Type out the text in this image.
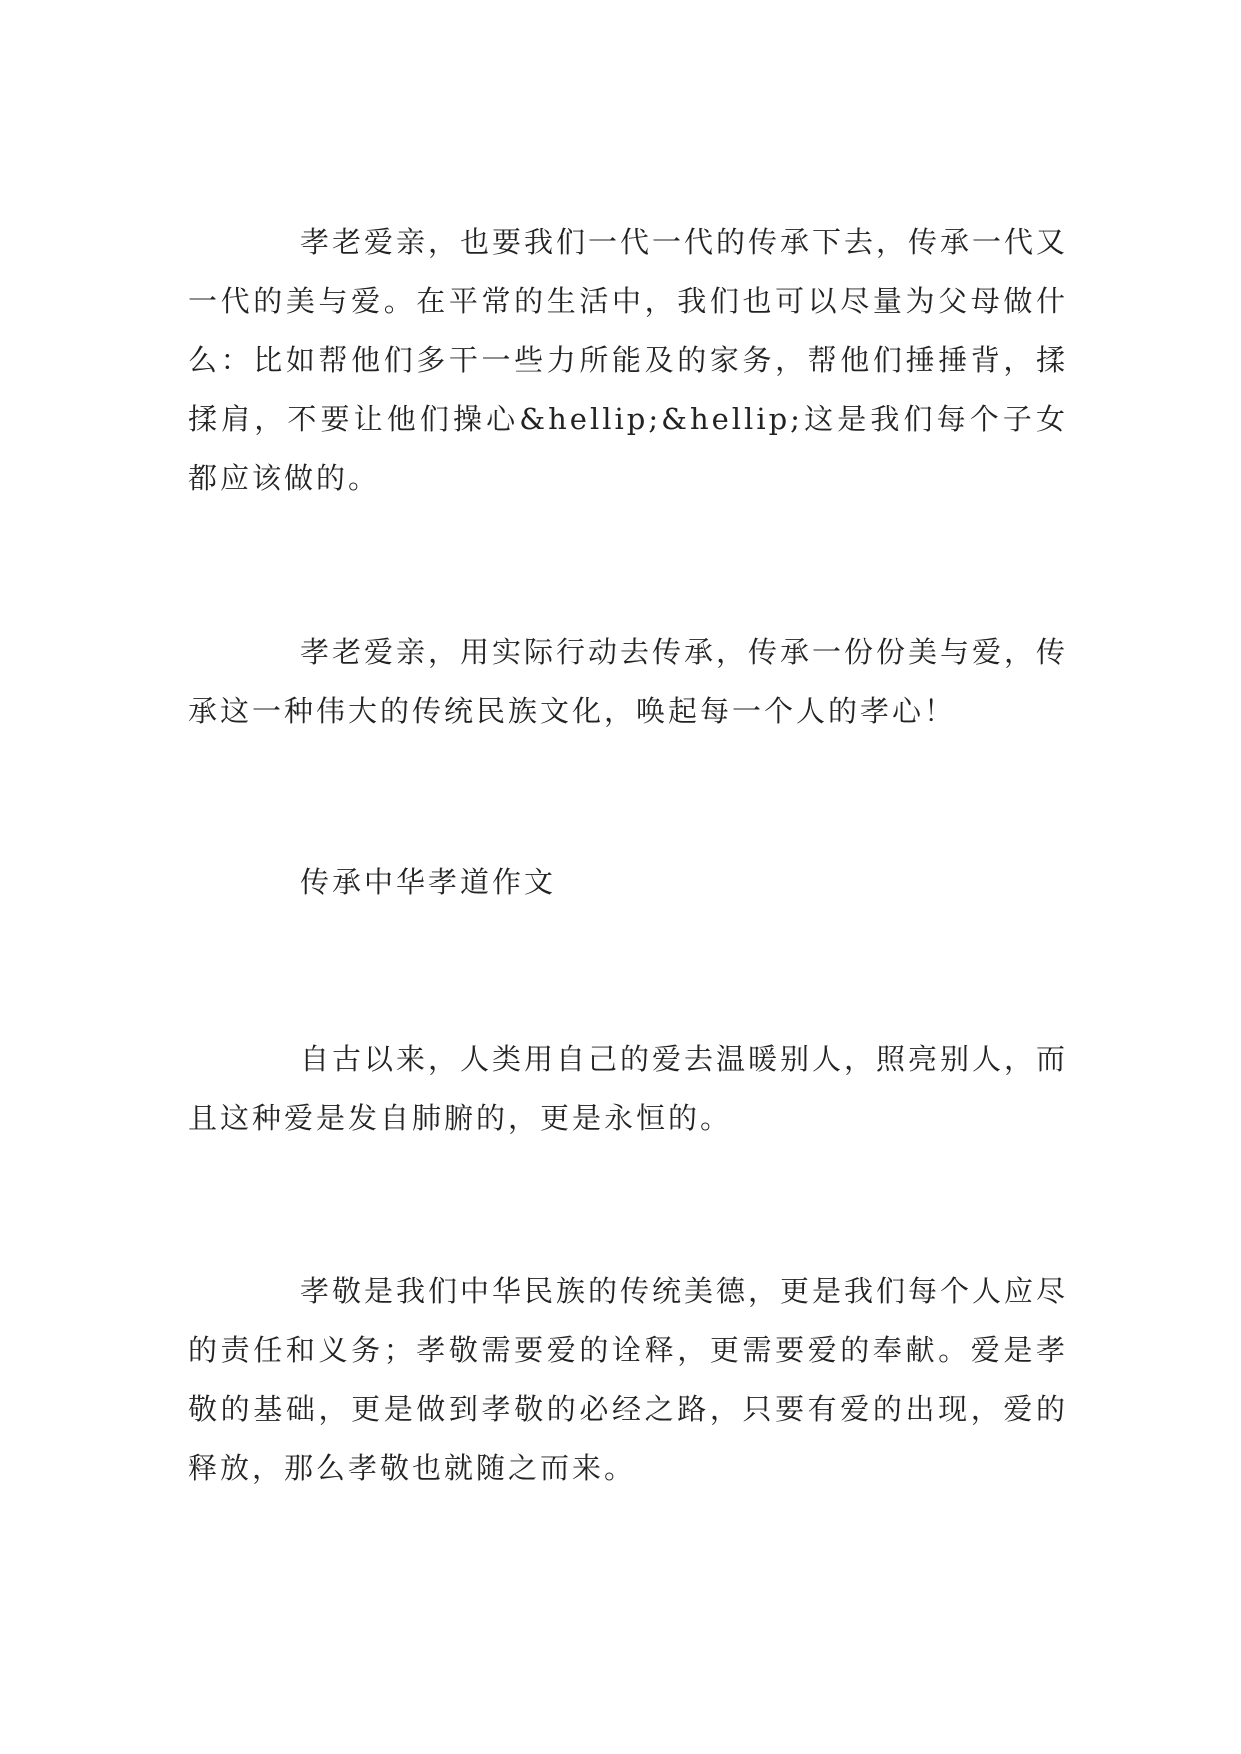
孝老爱亲，也要我们一代一代的传承下去，传承一代又一代的美与爱。在平常的生活中，我们也可以尽量为父母做什么：比如帮他们多干一些力所能及的家务，帮他们捶捶背，揉揉肩，不要让他们操心&hellip;&hellip;这是我们每个子女都应该做的。

孝老爱亲，用实际行动去传承，传承一份份美与爱，传承这一种伟大的传统民族文化，唤起每一个人的孝心！

传承中华孝道作文

自古以来，人类用自己的爱去温暖别人，照亮别人，而且这种爱是发自肺腑的，更是永恒的。

孝敬是我们中华民族的传统美德，更是我们每个人应尽的责任和义务；孝敬需要爱的诠释，更需要爱的奉献。爱是孝敬的基础，更是做到孝敬的必经之路，只要有爱的出现，爱的释放，那么孝敬也就随之而来。
